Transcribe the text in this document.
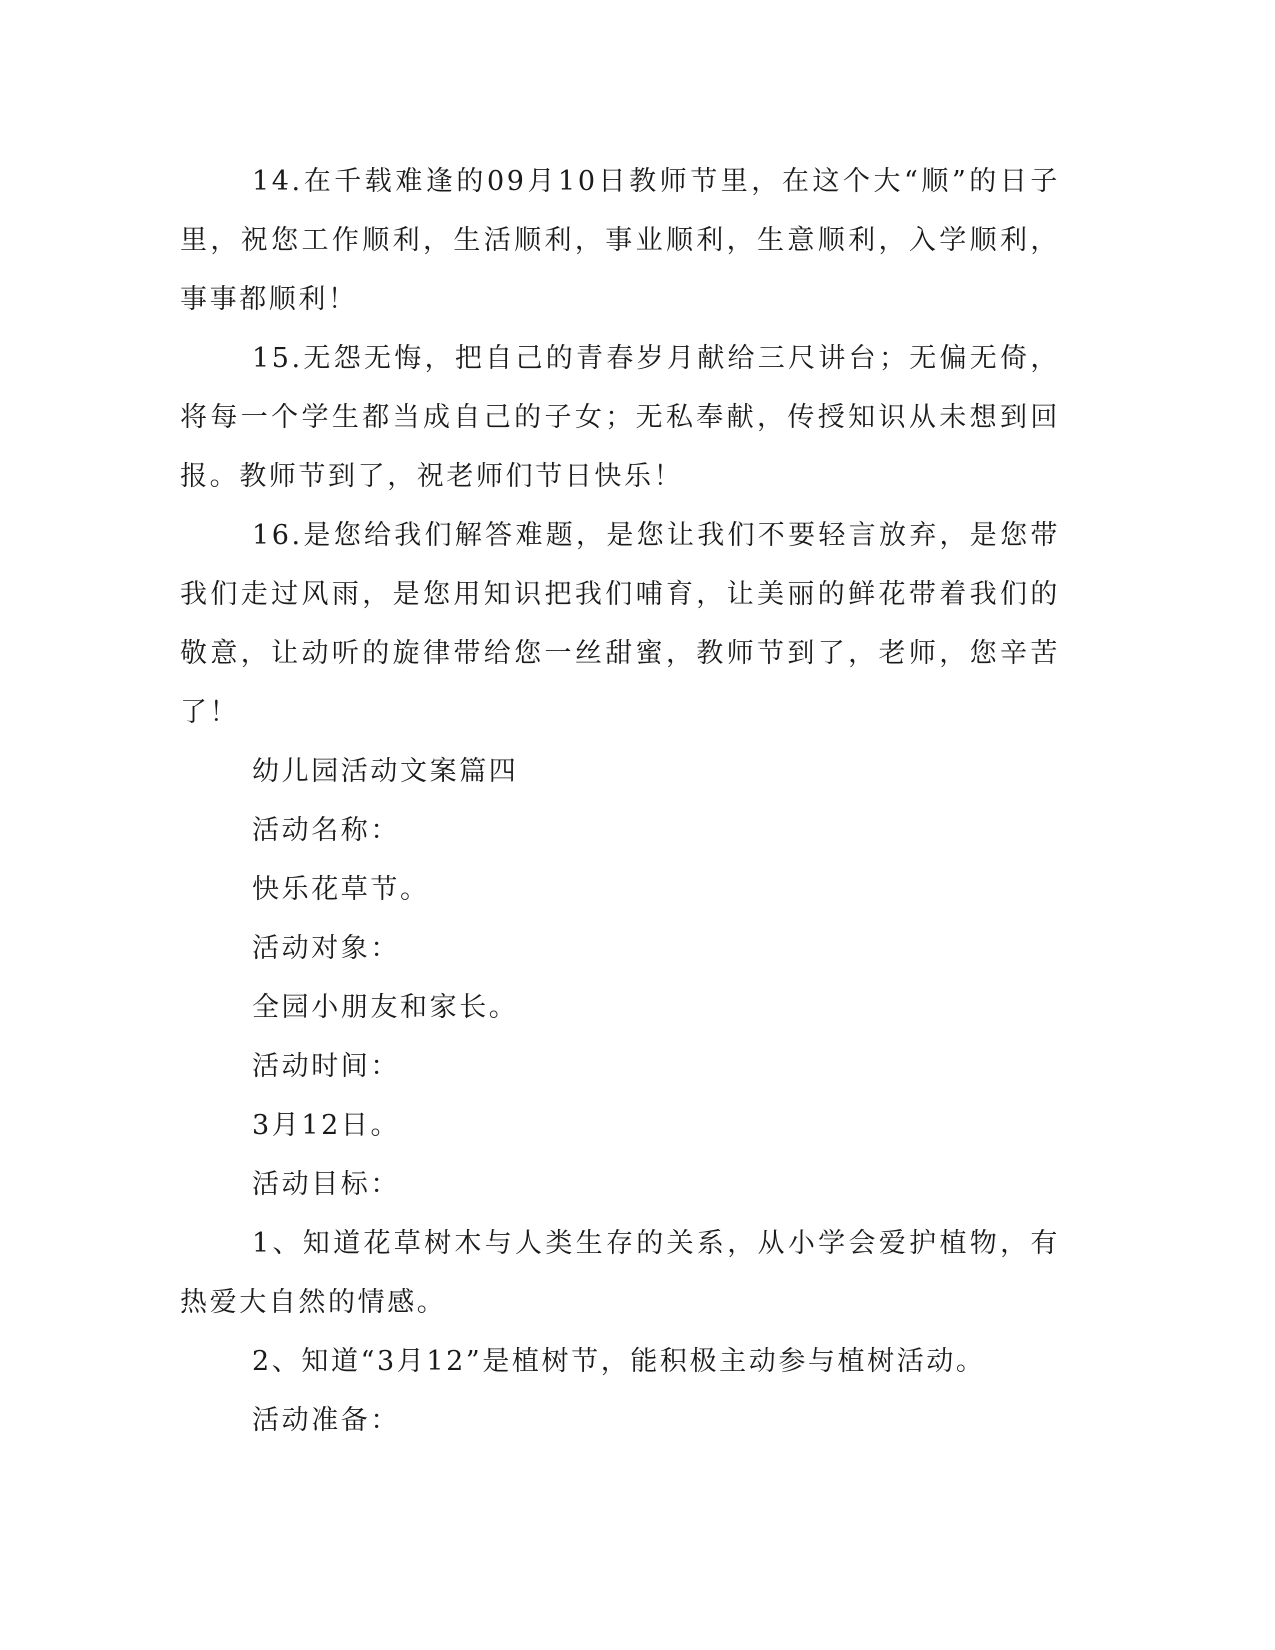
14.在千载难逢的09月10日教师节里，在这个大“顺”的日子里，祝您工作顺利，生活顺利，事业顺利，生意顺利，入学顺利，事事都顺利！

15.无怨无悔，把自己的青春岁月献给三尺讲台；无偏无倚，将每一个学生都当成自己的子女；无私奉献，传授知识从未想到回报。教师节到了，祝老师们节日快乐！

16.是您给我们解答难题，是您让我们不要轻言放弃，是您带我们走过风雨，是您用知识把我们哺育，让美丽的鲜花带着我们的敬意，让动听的旋律带给您一丝甜蜜，教师节到了，老师，您辛苦了！

幼儿园活动文案篇四

活动名称：

快乐花草节。

活动对象：

全园小朋友和家长。

活动时间：

3月12日。

活动目标：

1、知道花草树木与人类生存的关系，从小学会爱护植物，有热爱大自然的情感。

2、知道“3月12”是植树节，能积极主动参与植树活动。

活动准备：
